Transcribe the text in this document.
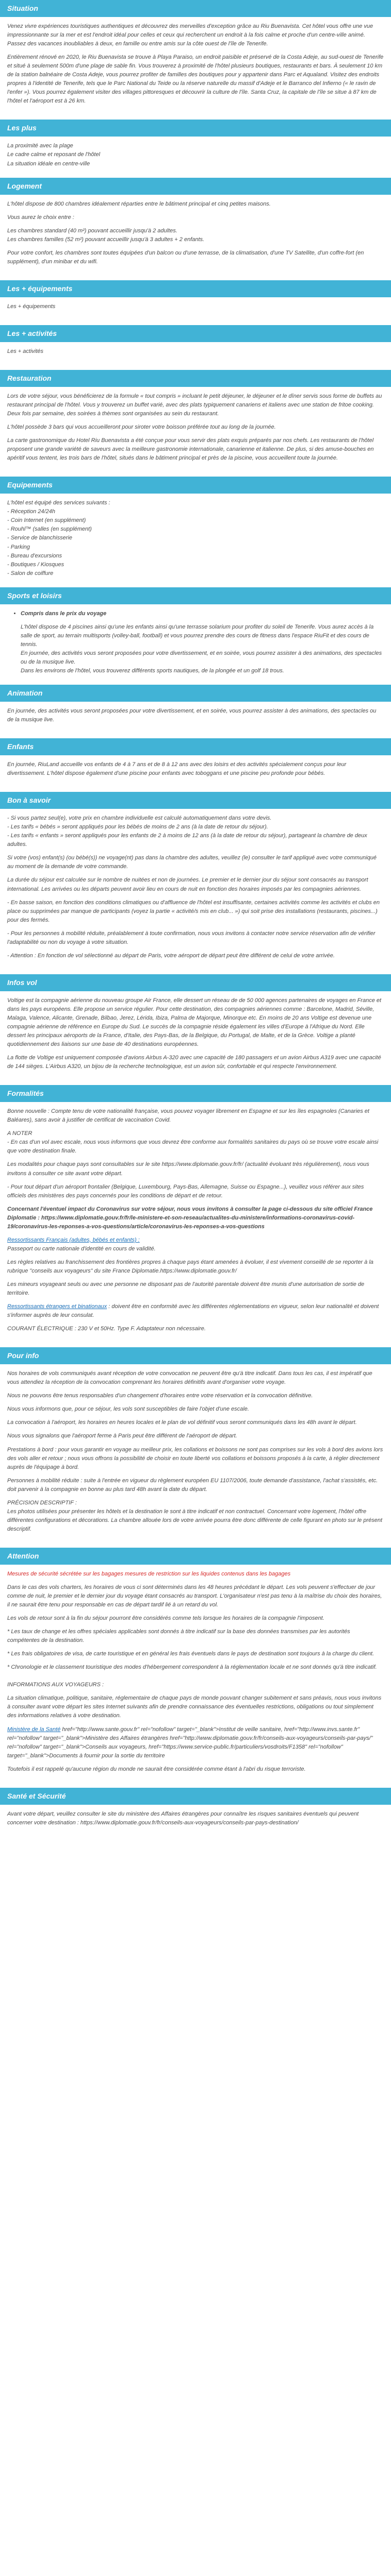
Situation

Venez vivre expériences touristiques authentiques et découvrez des merveilles d'exception grâce au Riu Buenavista. Cet hôtel vous offre une vue impressionnante sur la mer et est l'endroit idéal pour celles et ceux qui recherchent un endroit à la fois calme et proche d'un centre-ville animé. Passez des vacances inoubliables à deux, en famille ou entre amis sur la côte ouest de l'île de Tenerife.

Entièrement rénové en 2020, le Riu Buenavista se trouve à Playa Paraiso, un endroit paisible et préservé de la Costa Adeje, au sud-ouest de Tenerife et situé à seulement 500m d'une plage de sable fin. Vous trouverez à proximité de l'hôtel plusieurs boutiques, restaurants et bars. À seulement 10 km de la station balnéaire de Costa Adeje, vous pourrez profiter de familles des boutiques pour y appartenir dans Parc et Aqualand. Visitez des endroits propres à l'identité de Tenerife, tels que le Parc National du Teide ou la réserve naturelle du massif d'Adeje et le Barranco del Infierno (« le ravin de l'enfer »). Vous pourrez également visiter des villages pittoresques et découvrir la culture de l'île. Santa Cruz, la capitale de l'île se situe à 87 km de l'hôtel et l'aéroport est à 26 km.

Les plus
La proximité avec la plage
Le cadre calme et reposant de l'hôtel
La situation idéale en centre-ville
Logement

L'hôtel dispose de 800 chambres idéalement réparties entre le bâtiment principal et cinq petites maisons.

Vous aurez le choix entre :

Les chambres standard (40 m²) pouvant accueillir jusqu'à 2 adultes.
Les chambres familles (52 m²) pouvant accueillir jusqu'à 3 adultes + 2 enfants.

Pour votre confort, les chambres sont toutes équipées d'un balcon ou d'une terrasse, de la climatisation, d'une TV Satellite, d'un coffre-fort (en supplément), d'un minibar et du wifi.

Les + équipements

Les + équipements

Les + activités

Les + activités

Restauration

Lors de votre séjour, vous bénéficierez de la formule « tout compris » incluant le petit déjeuner, le déjeuner et le dîner servis sous forme de buffets au restaurant principal de l'hôtel. Vous y trouverez un buffet varié, avec des plats typiquement canariens et italiens avec une station de fritoe cooking. Deux fois par semaine, des soirées à thèmes sont organisées au sein du restaurant.

L'hôtel possède 3 bars qui vous accueilleront pour siroter votre boisson préférée tout au long de la journée.

La carte gastronomique du Hotel Riu Buenavista a été conçue pour vous servir des plats exquis préparés par nos chefs. Les restaurants de l'hôtel proposent une grande variété de saveurs avec la meilleure gastronomie internationale, canarienne et italienne. De plus, si des amuse-bouches en apéritif vous tentent, les trois bars de l'hôtel, situés dans le bâtiment principal et près de la piscine, vous accueillent toute la journée.

Equipements
L'hôtel est équipé des services suivants :
- Réception 24/24h
- Coin Internet (en supplément)
- Rouhl™ (salles (en supplément)
- Service de blanchisserie
- Parking
- Bureau d'excursions
- Boutiques / Kiosques
- Salon de coiffure
Sports et loisirs
• Compris dans le prix du voyage
L'hôtel dispose de 4 piscines ainsi qu'une les enfants ainsi qu'une terrasse solarium pour profiter du soleil de Tenerife. Vous aurez accès à la salle de sport, au terrain multisports (volley-ball, football) et vous pourrez prendre des cours de fitness dans l'espace RiuFit et des cours de tennis.
En journée, des activités vous seront proposées pour votre divertissement, et en soirée, vous pourrez assister à des animations, des spectacles ou de la musique live.
Dans les environs de l'hôtel, vous trouverez différents sports nautiques, de la plongée et un golf 18 trous.
Animation

En journée, des activités vous seront proposées pour votre divertissement, et en soirée, vous pourrez assister à des animations, des spectacles ou de la musique live.

Enfants

En journée, RiuLand accueille vos enfants de 4 à 7 ans et de 8 à 12 ans avec des loisirs et des activités spécialement conçus pour leur divertissement. L'hôtel dispose également d'une piscine pour enfants avec toboggans et une piscine peu profonde pour bébés.

Bon à savoir
- Si vous partez seul(e), votre prix en chambre individuelle est calculé automatiquement dans votre devis.
- Les tarifs « bébés » seront appliqués pour les bébés de moins de 2 ans (à la date de retour du séjour).
- Les tarifs « enfants » seront appliqués pour les enfants de 2 à moins de 12 ans (à la date de retour du séjour), partageant la chambre de deux adultes.

Si votre (vos) enfant(s) (ou bébé(s)) ne voyage(nt) pas dans la chambre des adultes, veuillez (le) consulter le tarif appliqué avec votre communiqué au moment de la demande de votre commande.

La durée du séjour est calculée sur le nombre de nuitées et non de journées. Le premier et le dernier jour du séjour sont consacrés au transport international. Les arrivées ou les départs peuvent avoir lieu en cours de nuit en fonction des horaires imposés par les compagnies aériennes.

- En basse saison, en fonction des conditions climatiques ou d'affluence de l'hôtel est insuffisante, certaines activités comme les activités et clubs en place ou supprimées par manque de participants (voyez la partie « activité/s mis en club... ») qui soit prise des installations (restaurants, piscines...) pour des fermés.

- Pour les personnes à mobilité réduite, préalablement à toute confirmation, nous vous invitons à contacter notre service réservation afin de vérifier l'adaptabilité ou non du voyage à votre situation.

- Attention : En fonction de vol sélectionné au départ de Paris, votre aéroport de départ peut être différent de celui de votre arrivée.

Infos vol

Voltige est la compagnie aérienne du nouveau groupe Air France, elle dessert un réseau de de 50 000 agences partenaires de voyages en France et dans les pays européens. Elle propose un service régulier. Pour cette destination, des compagnies aériennes comme : Barcelone, Madrid, Séville, Malaga, Valence, Alicante, Grenade, Bilbao, Jerez, Lérida, Ibiza, Palma de Majorque, Minorque etc. En moins de 20 ans Voltige est devenue une compagnie aérienne de référence en Europe du Sud. Le succès de la compagnie réside également les villes d'Europe à l'Afrique du Nord. Elle dessert les principaux aéroports de la France, d'Italie, des Pays-Bas, de la Belgique, du Portugal, de Malte, et de la Grèce. Voltige a planté quotidiennement des liaisons sur une base de 40 destinations européennes.

La flotte de Voltige est uniquement composée d'avions Airbus A-320 avec une capacité de 180 passagers et un avion Airbus A319 avec une capacité de 144 sièges. L'Airbus A320, un bijou de la recherche technologique, est un avion sûr, confortable et qui respecte l'environnement.

Formalités

Bonne nouvelle : Compte tenu de votre nationalité française, vous pouvez voyager librement en Espagne et sur les îles espagnoles (Canaries et Baléares), sans avoir à justifier de certificat de vaccination Covid.

A NOTER

- En cas d'un vol avec escale, nous vous informons que vous devrez être conforme aux formalités sanitaires du pays où se trouve votre escale ainsi que votre destination finale.

Les modalités pour chaque pays sont consultables sur le site https://www.diplomatie.gouv.fr/fr/ (actualité évoluant très régulièrement), nous vous invitons à consulter ce site avant votre départ.

- Pour tout départ d'un aéroport frontalier (Belgique, Luxembourg, Pays-Bas, Allemagne, Suisse ou Espagne...), veuillez vous référer aux sites officiels des ministères des pays concernés pour les conditions de départ et de retour.

Concernant l'éventuel impact du Coronavirus sur votre séjour, nous vous invitons à consulter la page ci-dessous du site officiel France Diplomatie : https://www.diplomatie.gouv.fr/fr/le-ministere-et-son-reseau/actualites-du-ministere/informations-coronavirus-covid-19/coronavirus-les-reponses-a-vos-questions/article/coronavirus-les-reponses-a-vos-questions

Ressortissants Français (adultes, bébés et enfants) :

Passeport ou carte nationale d'identité en cours de validité.

Les règles relatives au franchissement des frontières propres à chaque pays étant amenées à évoluer, il est vivement conseillé de se reporter à la rubrique "conseils aux voyageurs" du site France Diplomatie.https://www.diplomatie.gouv.fr/

Les mineurs voyageant seuls ou avec une personne ne disposant pas de l'autorité parentale doivent être munis d'une autorisation de sortie de territoire.

Ressortissants étrangers et binationaux : doivent être en conformité avec les différentes réglementations en vigueur, selon leur nationalité et doivent s'informer auprès de leur consulat.

COURANT ÉLECTRIQUE : 230 V et 50Hz. Type F. Adaptateur non nécessaire.

Pour info

Nos horaires de vols communiqués avant réception de votre convocation ne peuvent être qu'à titre indicatif. Dans tous les cas, il est impératif que vous attendiez la réception de la convocation comprenant les horaires définitifs avant d'organiser votre voyage.

Nous ne pouvons être tenus responsables d'un changement d'horaires entre votre réservation et la convocation définitive.

Nous vous informons que, pour ce séjour, les vols sont susceptibles de faire l'objet d'une escale.

La convocation à l'aéroport, les horaires en heures locales et le plan de vol définitif vous seront communiqués dans les 48h avant le départ.

Nous vous signalons que l'aéroport ferme à Paris peut être différent de l'aéroport de départ.

Prestations à bord : pour vous garantir en voyage au meilleur prix, les collations et boissons ne sont pas comprises sur les vols à bord des avions lors des vols aller et retour ; nous vous offrons la possibilité de choisir en toute liberté vos collations et boissons proposés à la carte, à régler directement auprès de l'équipage à bord.

Personnes à mobilité réduite : suite à l'entrée en vigueur du règlement européen EU 1107/2006, toute demande d'assistance, l'achat s'assistés, etc. doit parvenir à la compagnie en bonne au plus tard 48h avant la date du départ.

PRÉCISION DESCRIPTIF :

Les photos utilisées pour présenter les hôtels et la destination le sont à titre indicatif et non contractuel. Concernant votre logement, l'hôtel offre différentes configurations et décorations. La chambre allouée lors de votre arrivée pourra être donc différente de celle figurant en photo sur le présent descriptif.

Attention

Mesures de sécurité sécrétée sur les bagages mesures de restriction sur les liquides contenus dans les bagages

Dans le cas des vols charters, les horaires de vous ci sont déterminés dans les 48 heures précédant le départ. Les vols peuvent s'effectuer de jour comme de nuit, le premier et le dernier jour du voyage étant consacrés au transport. L'organisateur n'est pas tenu à la maîtrise du choix des horaires, il ne saurait être tenu pour responsable en cas de départ tardif lié à un retard du vol.

Les vols de retour sont à la fin du séjour pourront être considérés comme tels lorsque les horaires de la compagnie l'imposent.

* Les taux de change et les offres spéciales applicables sont donnés à titre indicatif sur la base des données transmises par les autorités compétentes de la destination.

* Les frais obligatoires de visa, de carte touristique et en général les frais éventuels dans le pays de destination sont toujours à la charge du client.

* Chronologie et le classement touristique des modes d'hébergement correspondent à la réglementation locale et ne sont donnés qu'à titre indicatif.

INFORMATIONS AUX VOYAGEURS :

La situation climatique, politique, sanitaire, réglementaire de chaque pays de monde pouvant changer subitement et sans préavis, nous vous invitons à consulter avant votre départ les sites Internet suivants afin de prendre connaissance des éventuelles restrictions, obligations ou tout simplement des informations relatives à votre destination.

Ministère de la Santé href="http://www.sante.gouv.fr" rel="nofollow" target="_blank">Institut de veille sanitaire, href="http://www.invs.sante.fr" rel="nofollow" target="_blank">Ministère des Affaires étrangères href="http://www.diplomatie.gouv.fr/fr/conseils-aux-voyageurs/conseils-par-pays/" rel="nofollow" target="_blank">Conseils aux voyageurs, href="https://www.service-public.fr/particuliers/vosdroits/F1358" rel="nofollow" target="_blank">Documents à fournir pour la sortie du territoire

Toutefois il est rappelé qu'aucune région du monde ne saurait être considérée comme étant à l'abri du risque terroriste.

Santé et Sécurité

Avant votre départ, veuillez consulter le site du ministère des Affaires étrangères pour connaître les risques sanitaires éventuels qui peuvent concerner votre destination : https://www.diplomatie.gouv.fr/fr/conseils-aux-voyageurs/conseils-par-pays-destination/
